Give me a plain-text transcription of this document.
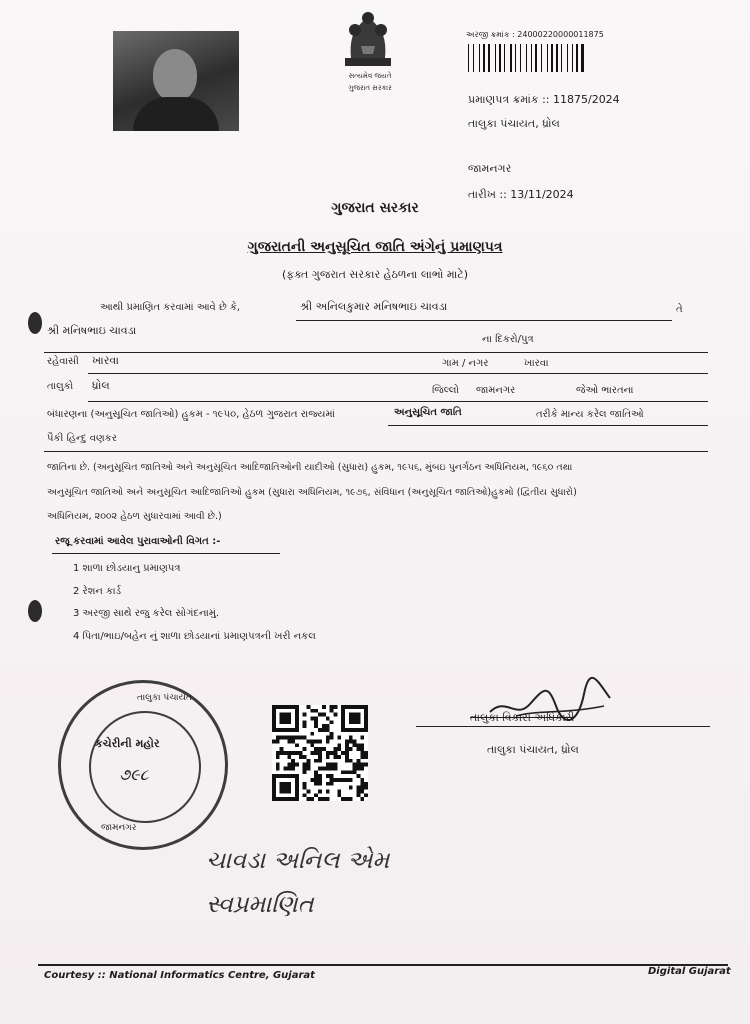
સત્યમેવ જયતે
ગુજરાત સરકાર
અરજી ક્રમાંક : 24000220000011875
પ્રમાણપત્ર ક્રમાંક :: 11875/2024
તાલુકા પંચાયત, ધ્રોલ
જામનગર
તારીખ :: 13/11/2024
ગુજરાત સરકાર
ગુજરાતની અનુસૂચિત જાતિ અંગેનું પ્રમાણપત્ર
(ફક્ત ગુજરાત સરકાર હેઠળના લાભો માટે)
આથી પ્રમાણિત કરવામાં આવે છે કે,	શ્રી અનિલકુમાર મનિષભાઇ ચાવડા	તે
શ્રી મનિષભાઇ ચાવડા
ના દિકરો/પુત્ર
રહેવાસી ખારવા	ગામ / નગર	ખારવા
તાલુકો ધ્રોલ	જિલ્લો જામનગર	જેઓ ભારતના
બંધારણના (અનુસૂચિત જાતિઓ) હુકમ - ૧૯૫૦, હેઠળ ગુજરાત રાજ્યમાં	અનુસૂચિત જાતિ	તરીકે માન્ય કરેલ જાતિઓ
પૈકી હિન્દુ વણકર
જાતિના છે. (અનુસૂચિત જાતિઓ અને અનુસૂચિત આદિજાતિઓની યાદીઓ (સુધારા) હુકમ, ૧૯૫૬, મુંબઇ પુનર્ગઠન અધિનિયમ, ૧૯૬૦ તથા
અનુસૂચિત જાતિઓ અને અનુસૂચિત આદિજાતિઓ હુકમ (સુધારા અધિનિયમ, ૧૯૭૬, સંવિધાન (અનુસૂચિત જાતિઓ)હુકમો (દ્વિતીય સુધારો)
અધિનિયમ, ૨૦૦૨ હેઠળ સુધારવામાં આવી છે.)
રજૂ કરવામાં આવેલ પુરાવાઓની વિગત :-
1 શાળા છોડયાનુ પ્રમાણપત્ર
2 રેશન કાર્ડ
3 અરજી સાથે રજુ કરેલ સોગંદનામું.
4 પિતા/ભાઇ/બહેન નું શાળા છોડયાનાં પ્રમાણપત્રની ખરી નકલ
તાલુકા પંચાયત
કચેરીની મહોર
૭૯૮
જામનગર
તાલુકા વિકાસ અધિકારી
તાલુકા પંચાયત, ધ્રોલ
ચાવડા અનિલ એમ
સ્વપ્રમાણિત
Courtesy :: National Informatics Centre, Gujarat	Digital Gujarat
